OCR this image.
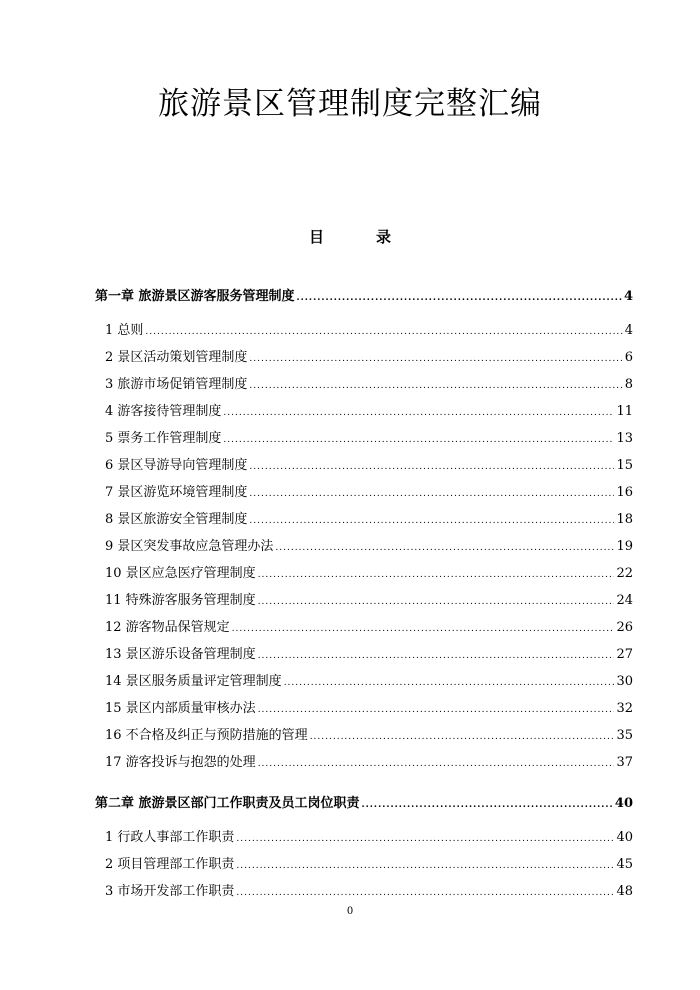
旅游景区管理制度完整汇编
目	录
第一章 旅游景区游客服务管理制度 .....	4
1 总则 .....	4
2 景区活动策划管理制度 .....	6
3 旅游市场促销管理制度 .....	8
4 游客接待管理制度 .....	11
5 票务工作管理制度 .....	13
6 景区导游导向管理制度 .....	15
7 景区游览环境管理制度 .....	16
8 景区旅游安全管理制度 .....	18
9 景区突发事故应急管理办法 .....	19
10 景区应急医疗管理制度 .....	22
11 特殊游客服务管理制度 .....	24
12 游客物品保管规定 .....	26
13 景区游乐设备管理制度 .....	27
14 景区服务质量评定管理制度 .....	30
15 景区内部质量审核办法 .....	32
16 不合格及纠正与预防措施的管理 .....	35
17 游客投诉与抱怨的处理 .....	37
第二章 旅游景区部门工作职责及员工岗位职责 .....	40
1 行政人事部工作职责 .....	40
2 项目管理部工作职责 .....	45
3 市场开发部工作职责 .....	48
0
